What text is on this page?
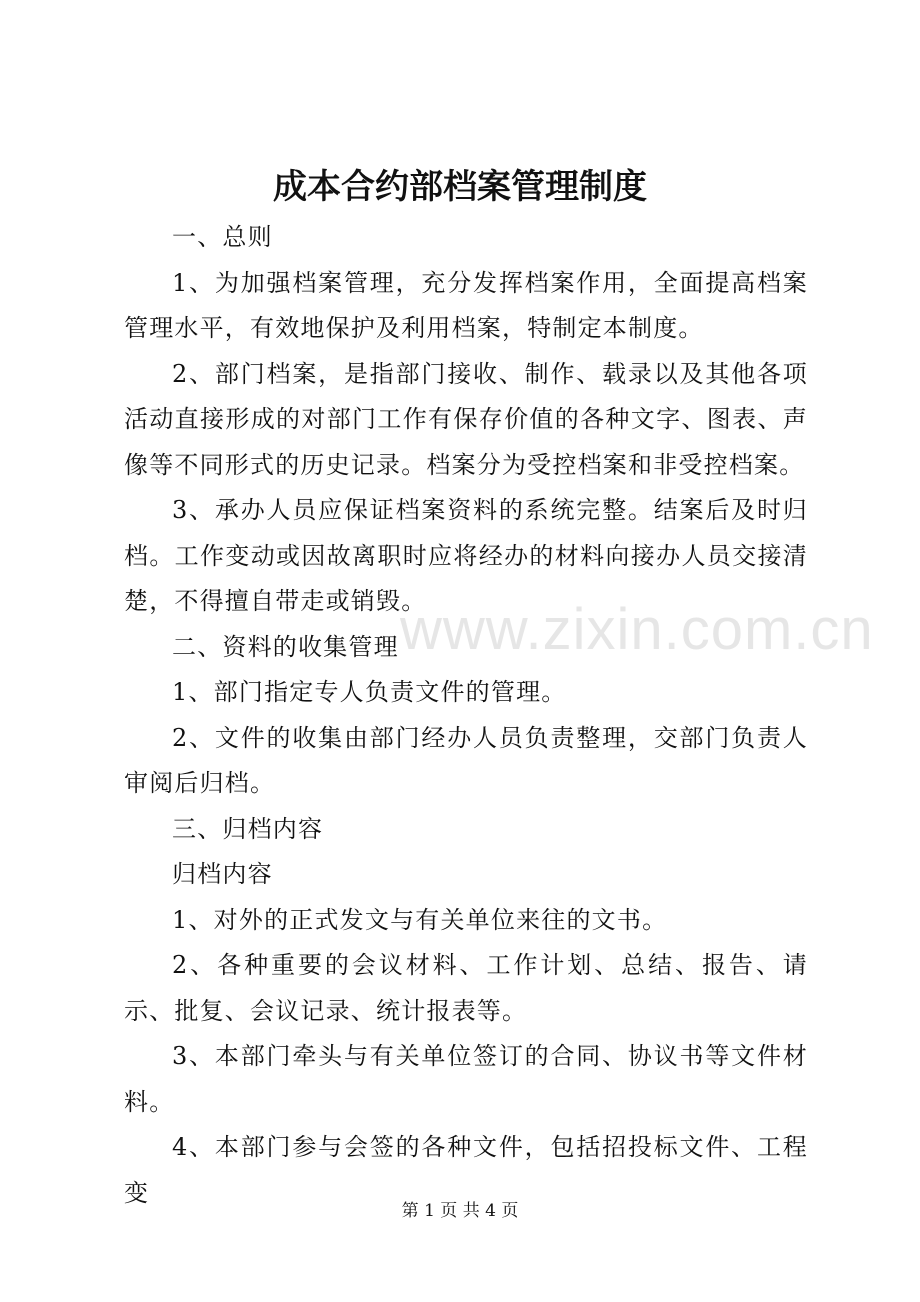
成本合约部档案管理制度

一、总则

1、为加强档案管理，充分发挥档案作用，全面提高档案管理水平，有效地保护及利用档案，特制定本制度。

2、部门档案，是指部门接收、制作、载录以及其他各项活动直接形成的对部门工作有保存价值的各种文字、图表、声像等不同形式的历史记录。档案分为受控档案和非受控档案。

3、承办人员应保证档案资料的系统完整。结案后及时归档。工作变动或因故离职时应将经办的材料向接办人员交接清楚，不得擅自带走或销毁。

二、资料的收集管理

1、部门指定专人负责文件的管理。

2、文件的收集由部门经办人员负责整理，交部门负责人审阅后归档。

三、归档内容

归档内容

1、对外的正式发文与有关单位来往的文书。

2、各种重要的会议材料、工作计划、总结、报告、请示、批复、会议记录、统计报表等。

3、本部门牵头与有关单位签订的合同、协议书等文件材料。

4、本部门参与会签的各种文件，包括招投标文件、工程变

www.zixin.com.cn
第 1 页 共 4 页
